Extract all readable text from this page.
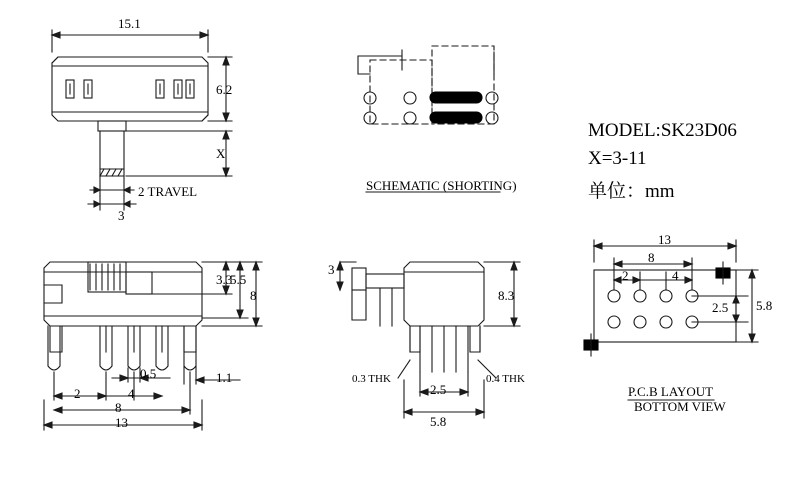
15.1
6.2
X
2 TRAVEL
3
SCHEMATIC (SHORTING)
MODEL:SK23D06
X=3-11
单位：mm
3.3
5.5
8
0.5	1.1
2	4
8
13
3
8.3
0.3 THK	0.4 THK
2.5
5.8
13
8
2	4
2.5 5.8
P.C.B LAYOUT
BOTTOM VIEW
